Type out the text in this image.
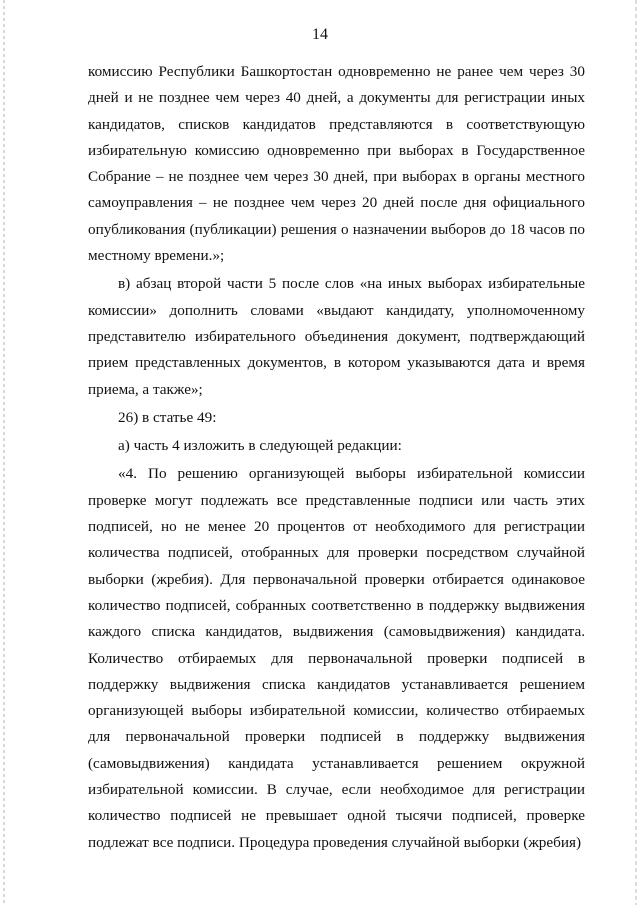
14

комиссию Республики Башкортостан одновременно не ранее чем через 30 дней и не позднее чем через 40 дней, а документы для регистрации иных кандидатов, списков кандидатов представляются в соответствующую избирательную комиссию одновременно при выборах в Государственное Собрание – не позднее чем через 30 дней, при выборах в органы местного самоуправления – не позднее чем через 20 дней после дня официального опубликования (публикации) решения о назначении выборов до 18 часов по местному времени.»;

в) абзац второй части 5 после слов «на иных выборах избирательные комиссии» дополнить словами «выдают кандидату, уполномоченному представителю избирательного объединения документ, подтверждающий прием представленных документов, в котором указываются дата и время приема, а также»;

26) в статье 49:

а) часть 4 изложить в следующей редакции:

«4. По решению организующей выборы избирательной комиссии проверке могут подлежать все представленные подписи или часть этих подписей, но не менее 20 процентов от необходимого для регистрации количества подписей, отобранных для проверки посредством случайной выборки (жребия). Для первоначальной проверки отбирается одинаковое количество подписей, собранных соответственно в поддержку выдвижения каждого списка кандидатов, выдвижения (самовыдвижения) кандидата. Количество отбираемых для первоначальной проверки подписей в поддержку выдвижения списка кандидатов устанавливается решением организующей выборы избирательной комиссии, количество отбираемых для первоначальной проверки подписей в поддержку выдвижения (самовыдвижения) кандидата устанавливается решением окружной избирательной комиссии. В случае, если необходимое для регистрации количество подписей не превышает одной тысячи подписей, проверке подлежат все подписи. Процедура проведения случайной выборки (жребия)
